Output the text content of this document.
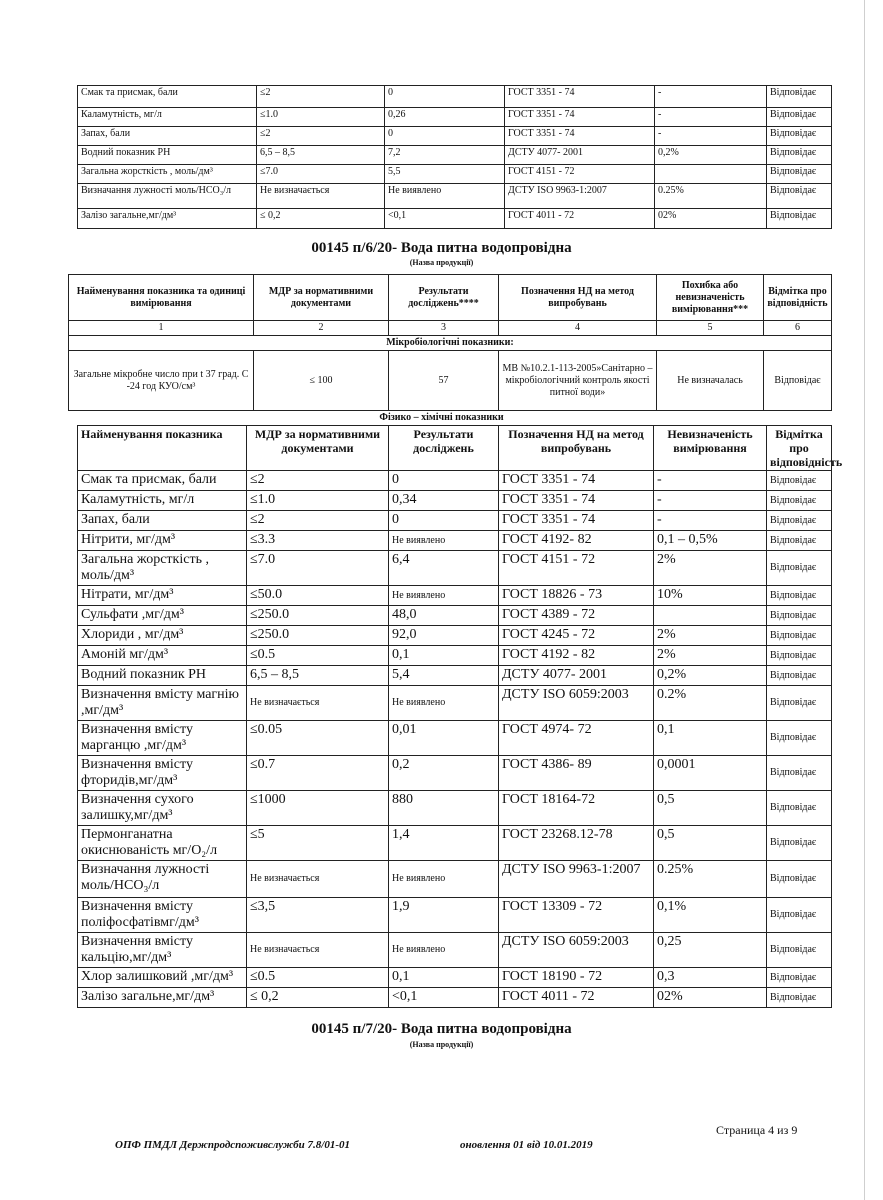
Смак та присмак, бали	≤2	0	ГОСТ 3351 - 74	-	Відповідає
Каламутність, мг/л	≤1.0	0,26	ГОСТ 3351 - 74	-	Відповідає
Запах, бали	≤2	0	ГОСТ 3351 - 74	-	Відповідає
Водний показник РН	6,5 – 8,5	7,2	ДСТУ 4077- 2001	0,2%	Відповідає
Загальна жорсткість , моль/дм³	≤7.0	5,5	ГОСТ 4151 - 72		Відповідає
Визначання лужності моль/НСО₃/л	Не визначається	Не виявлено	ДСТУ ISO 9963-1:2007	0.25%	Відповідає
Залізо загальне,мг/дм³	≤ 0,2	<0,1	ГОСТ 4011 - 72	02%	Відповідає
00145 п/6/20- Вода питна водопровідна
(Назва продукції)
Найменування показника та одиниці вимірювання	МДР за нормативними документами	Результати досліджень****	Позначення НД на метод випробувань	Похибка або невизначеність вимірювання***	Відмітка про відповідність
1	2	3	4	5	6
Мікробіологічні показники:					
Загальне мікробне число при t 37 град. С -24 год КУО/см³	≤ 100	57	МВ №10.2.1-113-2005»Санітарно – мікробіологічний контроль якості питної води»	Не визначалась	Відповідає
Фізико – хімічні показники
Найменування показника	МДР за нормативними документами	Результати досліджень	Позначення НД на метод випробувань	Невизначеність вимірювання	Відмітка про відповідність
Смак та присмак, бали	≤2	0	ГОСТ 3351 - 74	-	Відповідає
Каламутність, мг/л	≤1.0	0,34	ГОСТ 3351 - 74	-	Відповідає
Запах, бали	≤2	0	ГОСТ 3351 - 74	-	Відповідає
Нітрити, мг/дм³	≤3.3	Не виявлено	ГОСТ 4192- 82	0,1 – 0,5%	Відповідає
Загальна жорсткість , моль/дм³	≤7.0	6,4	ГОСТ 4151 - 72	2%	Відповідає
Нітрати, мг/дм³	≤50.0	Не виявлено	ГОСТ 18826 - 73	10%	Відповідає
Сульфати ,мг/дм³	≤250.0	48,0	ГОСТ 4389 - 72		Відповідає
Хлориди , мг/дм³	≤250.0	92,0	ГОСТ 4245 - 72	2%	Відповідає
Амоній мг/дм³	≤0.5	0,1	ГОСТ 4192 - 82	2%	Відповідає
Водний показник РН	6,5 – 8,5	5,4	ДСТУ 4077- 2001	0,2%	Відповідає
Визначення вмісту магнію ,мг/дм³	Не визначається	Не виявлено	ДСТУ ISO 6059:2003	0.2%	Відповідає
Визначення вмісту марганцю ,мг/дм³	≤0.05	0,01	ГОСТ 4974- 72	0,1	Відповідає
Визначення вмісту фторидів,мг/дм³	≤0.7	0,2	ГОСТ 4386- 89	0,0001	Відповідає
Визначення сухого залишку,мг/дм³	≤1000	880	ГОСТ 18164-72	0,5	Відповідає
Пермонганатна окиснюваність мг/О₂/л	≤5	1,4	ГОСТ 23268.12-78	0,5	Відповідає
Визначання лужності моль/НСО₃/л	Не визначається	Не виявлено	ДСТУ ISO 9963-1:2007	0.25%	Відповідає
Визначення вмісту поліфосфатівмг/дм³	≤3,5	1,9	ГОСТ 13309 - 72	0,1%	Відповідає
Визначення вмісту кальцію,мг/дм³	Не визначається	Не виявлено	ДСТУ ISO 6059:2003	0,25	Відповідає
Хлор залишковий ,мг/дм³	≤0.5	0,1	ГОСТ 18190 - 72	0,3	Відповідає
Залізо загальне,мг/дм³	≤ 0,2	<0,1	ГОСТ 4011 - 72	02%	Відповідає
00145 п/7/20- Вода питна водопровідна
(Назва продукції)
Страница 4 из 9
ОПФ ПМДЛ Держпродспоживслужби 7.8/01-01	оновлення 01 від 10.01.2019
